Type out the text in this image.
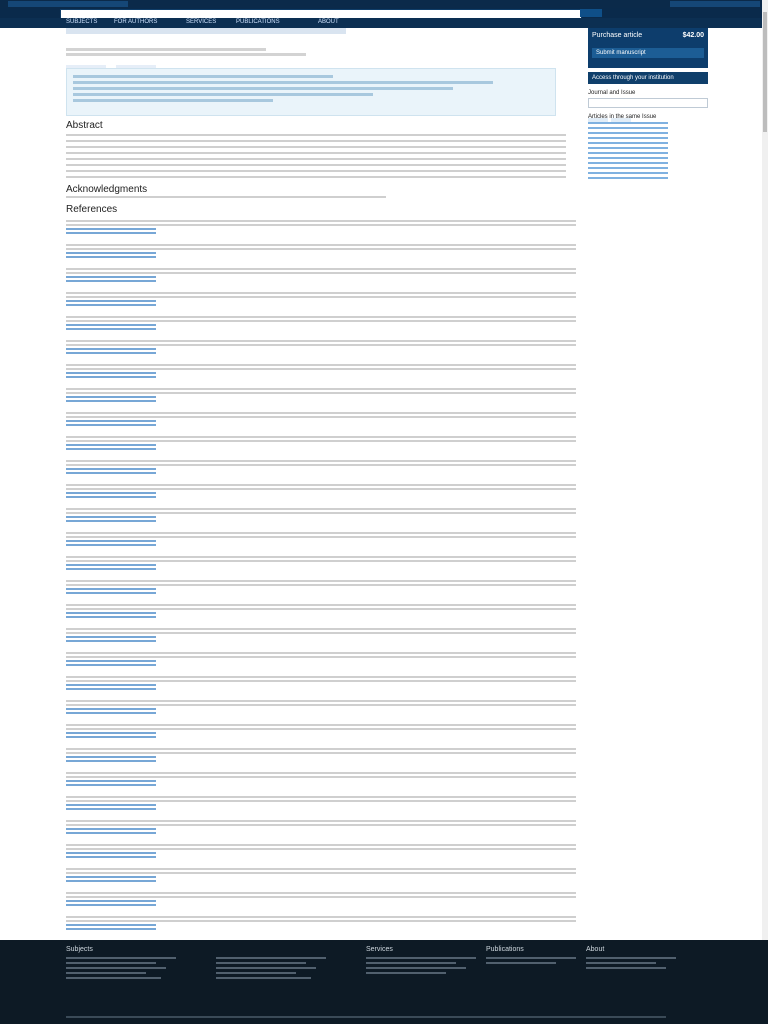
SUBJECTS	FOR AUTHORS	SERVICES	PUBLICATIONS	ABOUT

Abstract
Acknowledgments
References
Purchase article	$42.00
Submit manuscript
Access through your institution
Journal and Issue
Articles in the same Issue
Subjects
	Services	Publications	About
